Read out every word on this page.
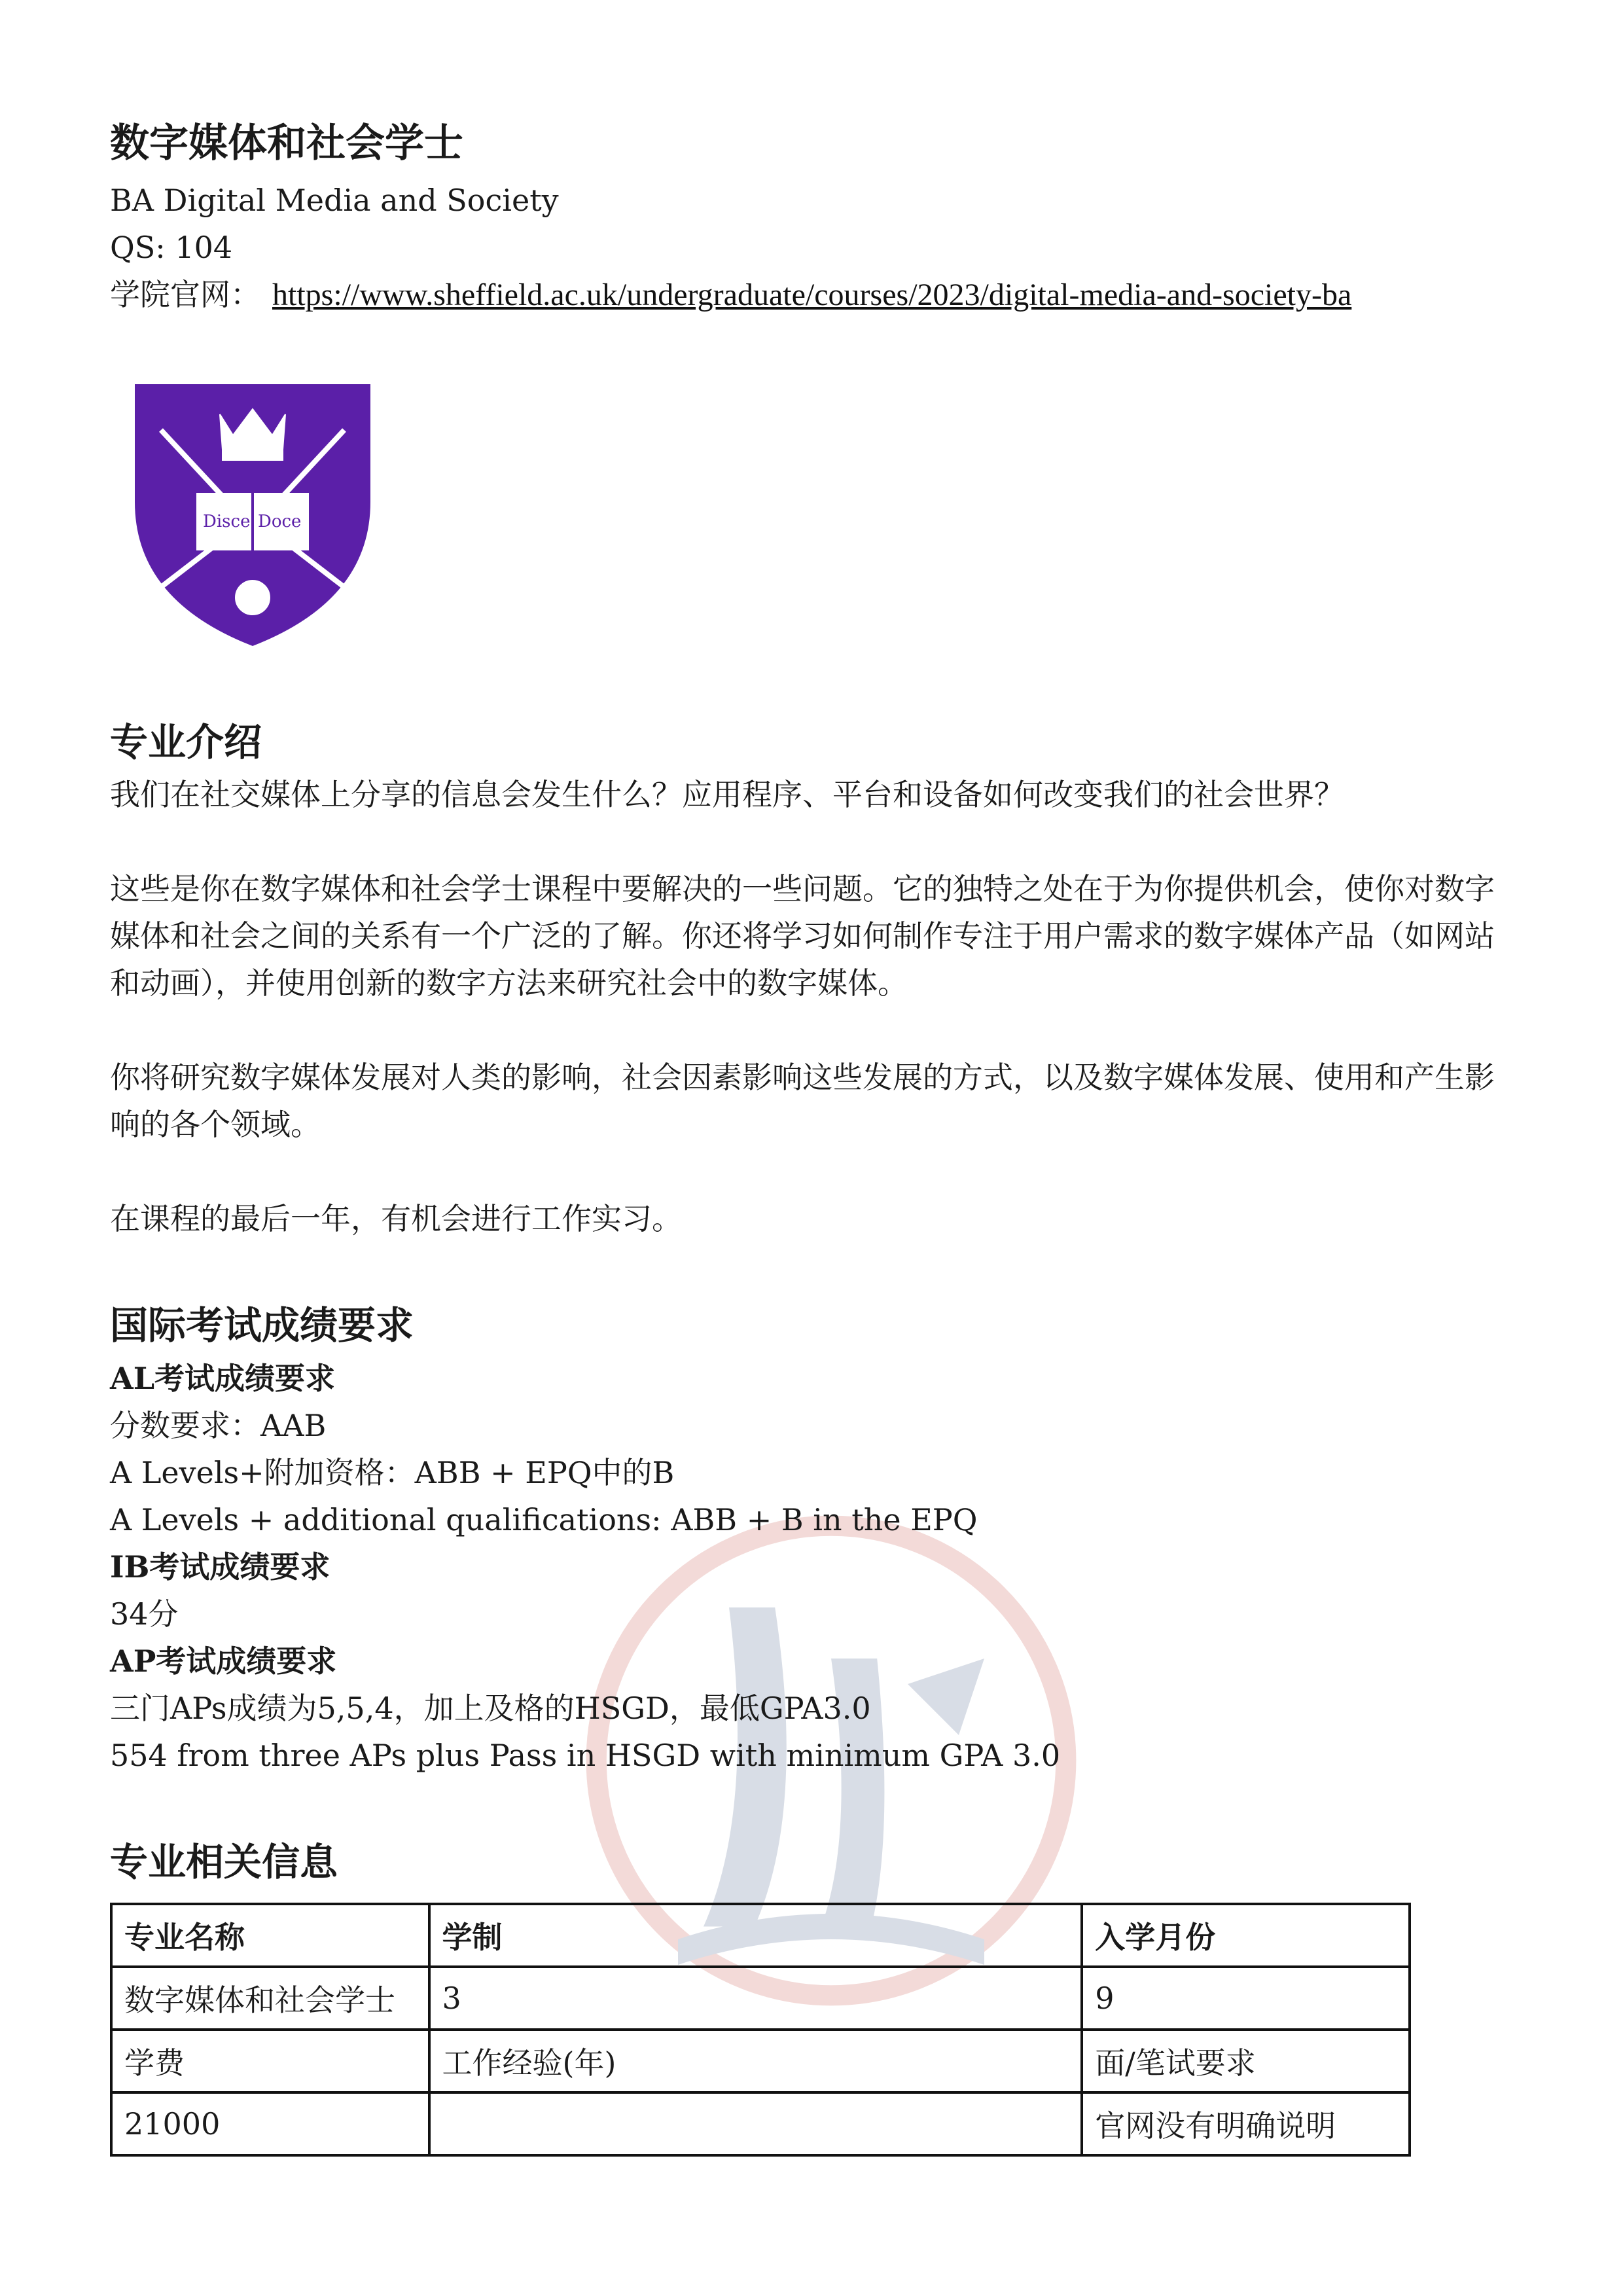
数字媒体和社会学士

BA Digital Media and Society

QS: 104

学院官网： https://www.sheffield.ac.uk/undergraduate/courses/2023/digital-media-and-society-ba

Disce Doce
专业介绍

我们在社交媒体上分享的信息会发生什么？应用程序、平台和设备如何改变我们的社会世界？

这些是你在数字媒体和社会学士课程中要解决的一些问题。它的独特之处在于为你提供机会，使你对数字媒体和社会之间的关系有一个广泛的了解。你还将学习如何制作专注于用户需求的数字媒体产品（如网站和动画），并使用创新的数字方法来研究社会中的数字媒体。

你将研究数字媒体发展对人类的影响，社会因素影响这些发展的方式，以及数字媒体发展、使用和产生影响的各个领域。

在课程的最后一年，有机会进行工作实习。

国际考试成绩要求

AL考试成绩要求

分数要求：AAB

A Levels+附加资格：ABB + EPQ中的B

A Levels + additional qualifications: ABB + B in the EPQ

IB考试成绩要求

34分

AP考试成绩要求

三门APs成绩为5,5,4，加上及格的HSGD，最低GPA3.0

554 from three APs plus Pass in HSGD with minimum GPA 3.0

专业相关信息
专业名称	学制	入学月份
数字媒体和社会学士	3	9
学费	工作经验(年)	面/笔试要求
21000		官网没有明确说明
